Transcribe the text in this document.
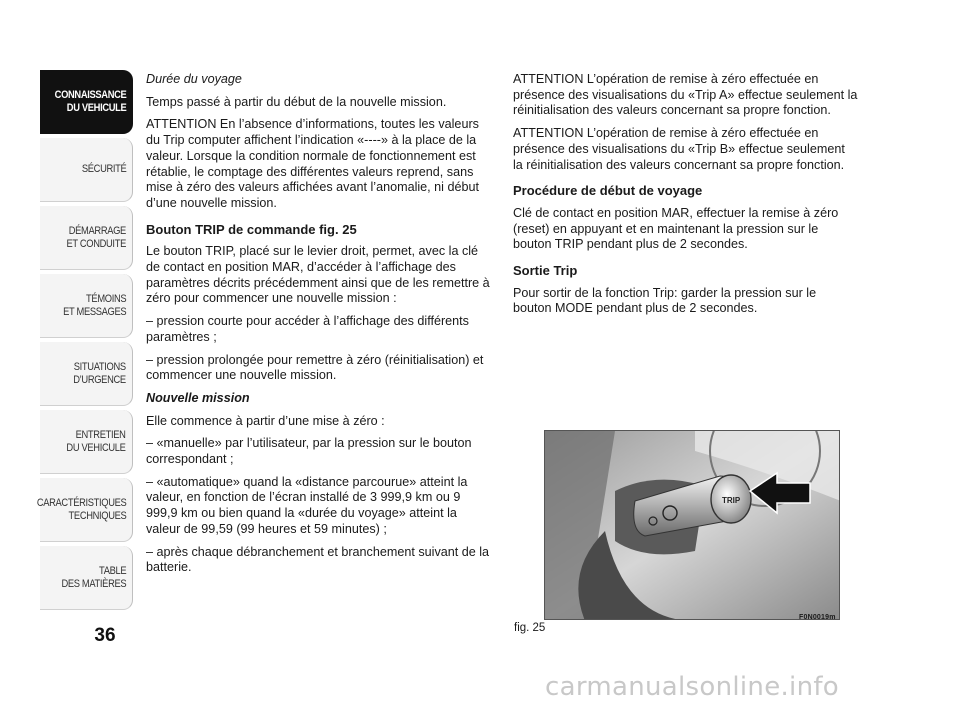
CONNAISSANCE
DU VEHICULE
SÉCURITÉ
DÉMARRAGE
ET CONDUITE
TÉMOINS
ET MESSAGES
SITUATIONS
D’URGENCE
ENTRETIEN
DU VEHICULE
CARACTÉRISTIQUES
TECHNIQUES
TABLE
DES MATIÈRES
36

Durée du voyage

Temps passé à partir du début de la nouvelle mission.

ATTENTION En l’absence d’informations, toutes les valeurs du Trip computer affichent l’indication «----» à la place de la valeur. Lorsque la condition normale de fonctionnement est rétablie, le comptage des différentes valeurs reprend, sans mise à zéro des valeurs affichées avant l’anomalie, ni début d’une nouvelle mission.

Bouton TRIP de commande fig. 25

Le bouton TRIP, placé sur le levier droit, permet, avec la clé de contact en position MAR, d’accéder à l’affichage des paramètres décrits précédemment ainsi que de les remettre à zéro pour commencer une nouvelle mission :

– pression courte pour accéder à l’affichage des différents paramètres ;

– pression prolongée pour remettre à zéro (réinitialisation) et commencer une nouvelle mission.

Nouvelle mission

Elle commence à partir d’une mise à zéro :

– «manuelle» par l’utilisateur, par la pression sur le bouton correspondant ;

– «automatique» quand la «distance parcourue» atteint la valeur, en fonction de l’écran installé de 3 999,9 km ou 9 999,9 km ou bien quand la «durée du voyage» atteint la valeur de 99,59 (99 heures et 59 minutes) ;

– après chaque débranchement et branchement suivant de la batterie.

ATTENTION L’opération de remise à zéro effectuée en présence des visualisations du «Trip A» effectue seulement la réinitialisation des valeurs concernant sa propre fonction.

ATTENTION L’opération de remise à zéro effectuée en présence des visualisations du «Trip B» effectue seulement la réinitialisation des valeurs concernant sa propre fonction.

Procédure de début de voyage

Clé de contact en position MAR, effectuer la remise à zéro (reset) en appuyant et en maintenant la pression sur le bouton TRIP pendant plus de 2 secondes.

Sortie Trip

Pour sortir de la fonction Trip: garder la pression sur le bouton MODE pendant plus de 2 secondes.

TRIP
fig. 25
F0N0019m
carmanualsonline.info
